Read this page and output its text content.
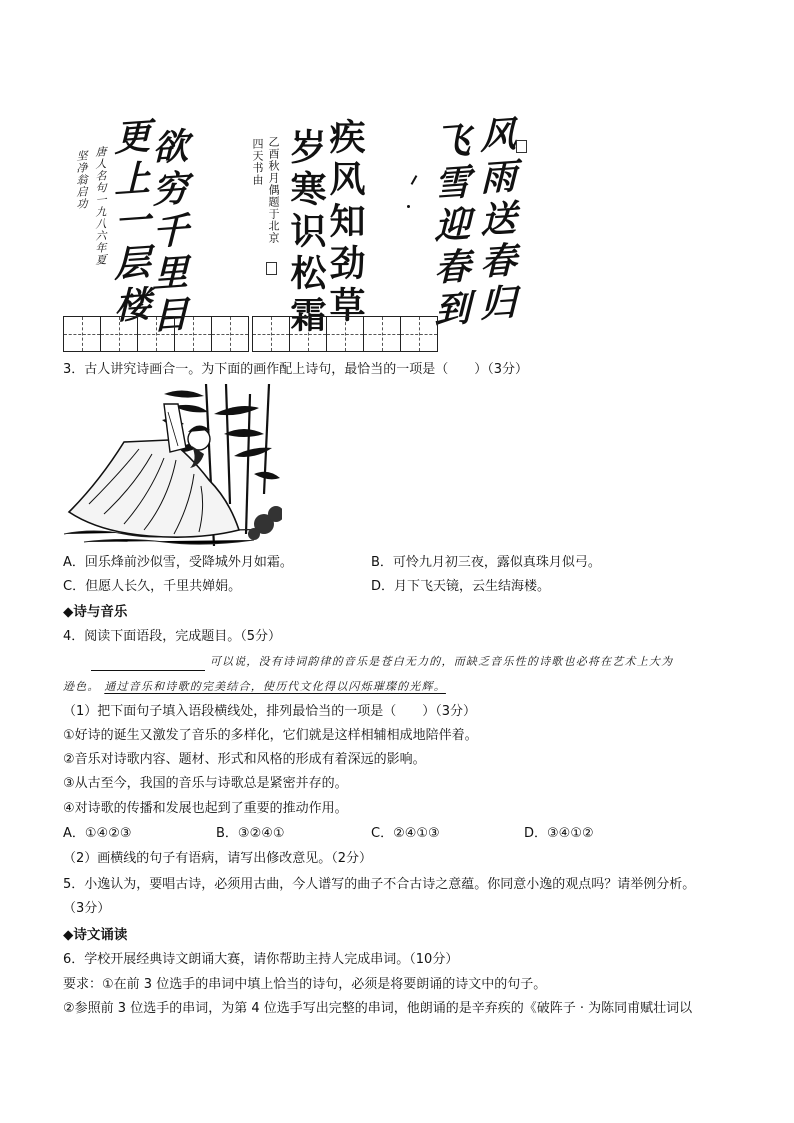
欲穷千里目
更上一层楼
唐人名句一九八六年夏
坚净翁启功	疾风知劲草
岁寒识松霜
乙酉秋月偶题于北京
四天书由	风雨送春归
飞雪迎春到
3．古人讲究诗画合一。为下面的画作配上诗句，最恰当的一项是（　　）（3分）
A．回乐烽前沙似雪，受降城外月如霜。	B．可怜九月初三夜，露似真珠月似弓。
C．但愿人长久，千里共婵娟。	D．月下飞天镜，云生结海楼。
◆诗与音乐
4．阅读下面语段，完成题目。（5分）
可以说，没有诗词韵律的音乐是苍白无力的，而缺乏音乐性的诗歌也必将在艺术上大为
逊色。 通过音乐和诗歌的完美结合，使历代文化得以闪烁璀璨的光辉。
（1）把下面句子填入语段横线处，排列最恰当的一项是（　　）（3分）
①好诗的诞生又激发了音乐的多样化，它们就是这样相辅相成地陪伴着。
②音乐对诗歌内容、题材、形式和风格的形成有着深远的影响。
③从古至今，我国的音乐与诗歌总是紧密并存的。
④对诗歌的传播和发展也起到了重要的推动作用。
A．①④②③	B．③②④①	C．②④①③	D．③④①②
（2）画横线的句子有语病，请写出修改意见。（2分）
5．小逸认为，要唱古诗，必须用古曲，今人谱写的曲子不合古诗之意蕴。你同意小逸的观点吗？请举例分析。
（3分）
◆诗文诵读
6．学校开展经典诗文朗诵大赛，请你帮助主持人完成串词。（10分）
要求：①在前 3 位选手的串词中填上恰当的诗句，必须是将要朗诵的诗文中的句子。
②参照前 3 位选手的串词，为第 4 位选手写出完整的串词，他朗诵的是辛弃疾的《破阵子 · 为陈同甫赋壮词以
